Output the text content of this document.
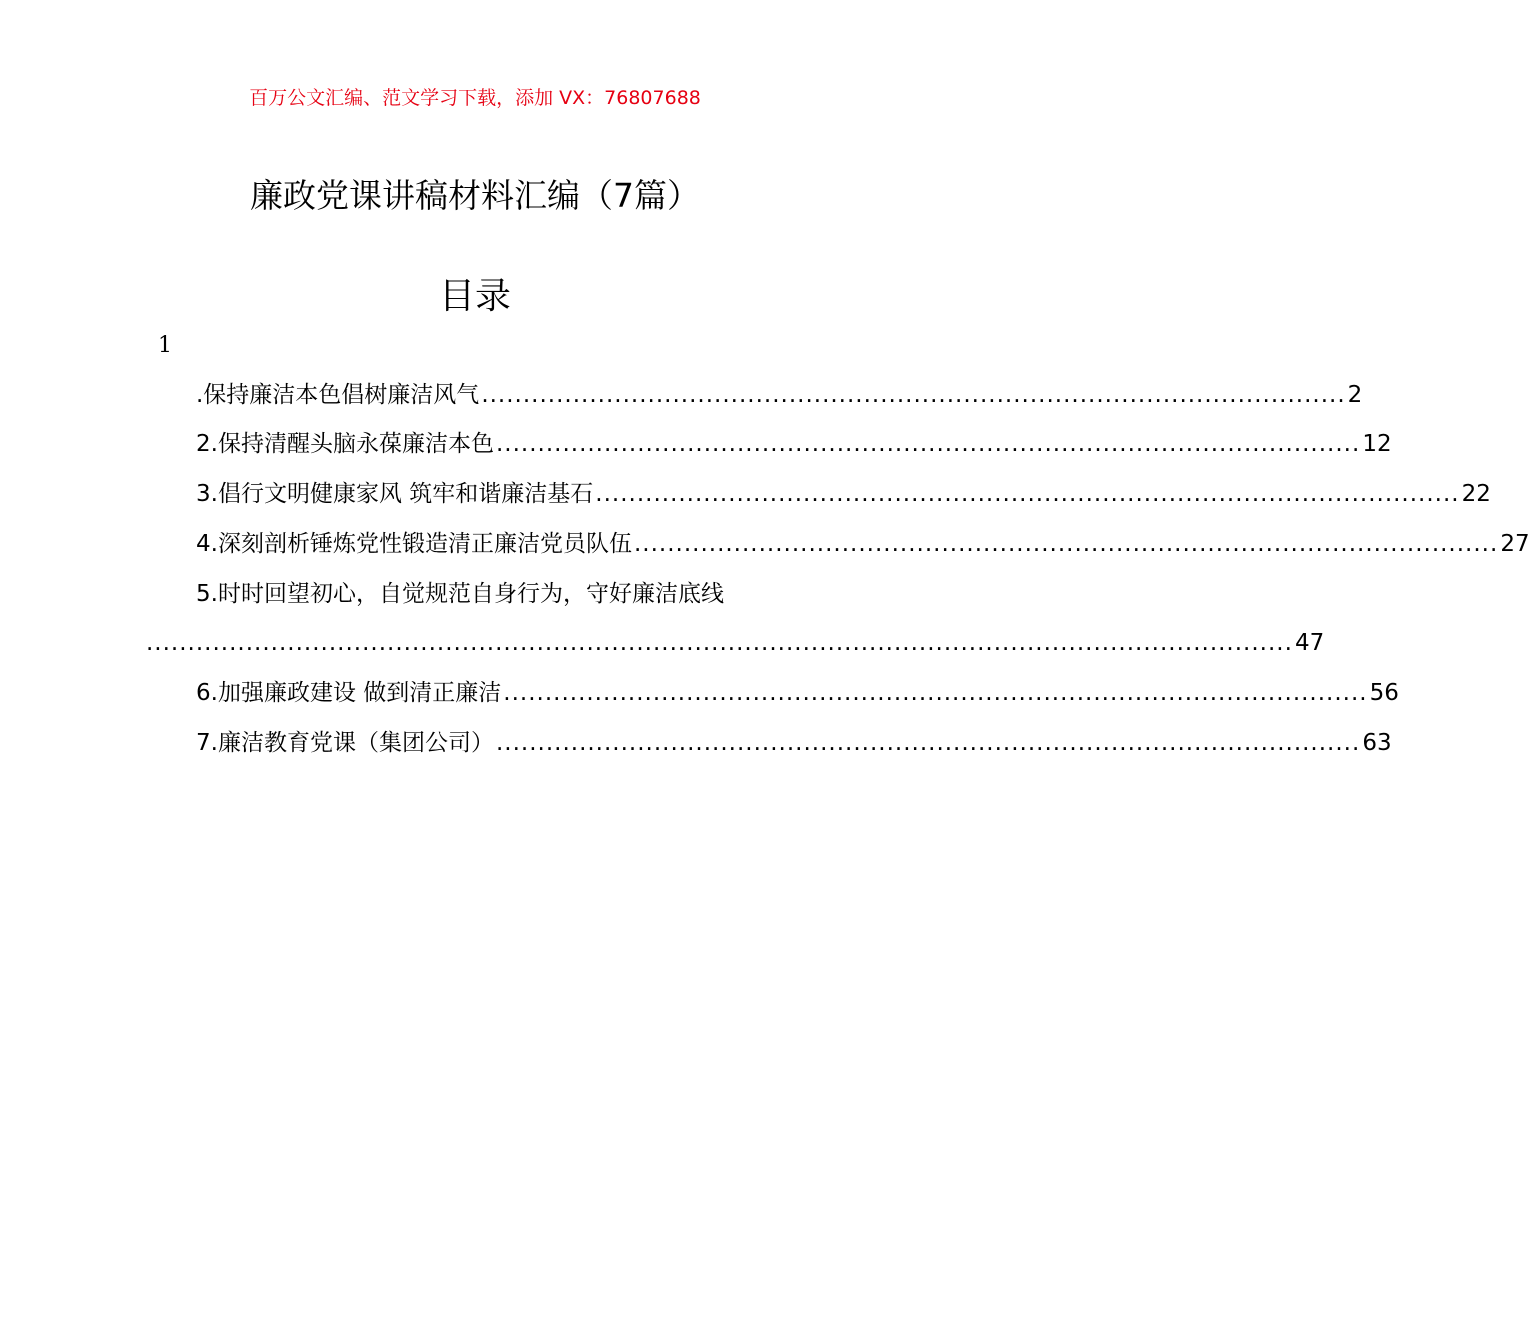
百万公文汇编、范文学习下载，添加 VX：76807688
廉政党课讲稿材料汇编（7篇）
目录
1
.保持廉洁本色倡树廉洁风气 ........................................................................................................ 2
2.保持清醒头脑永葆廉洁本色 ........................................................................................................ 12
3.倡行文明健康家风 筑牢和谐廉洁基石 ........................................................................................................ 22
4.深刻剖析锤炼党性锻造清正廉洁党员队伍 ........................................................................................................ 27
5.时时回望初心，自觉规范自身行为，守好廉洁底线
.......................................................................................................................................... 47
6.加强廉政建设 做到清正廉洁 ........................................................................................................ 56
7.廉洁教育党课（集团公司） ........................................................................................................ 63
